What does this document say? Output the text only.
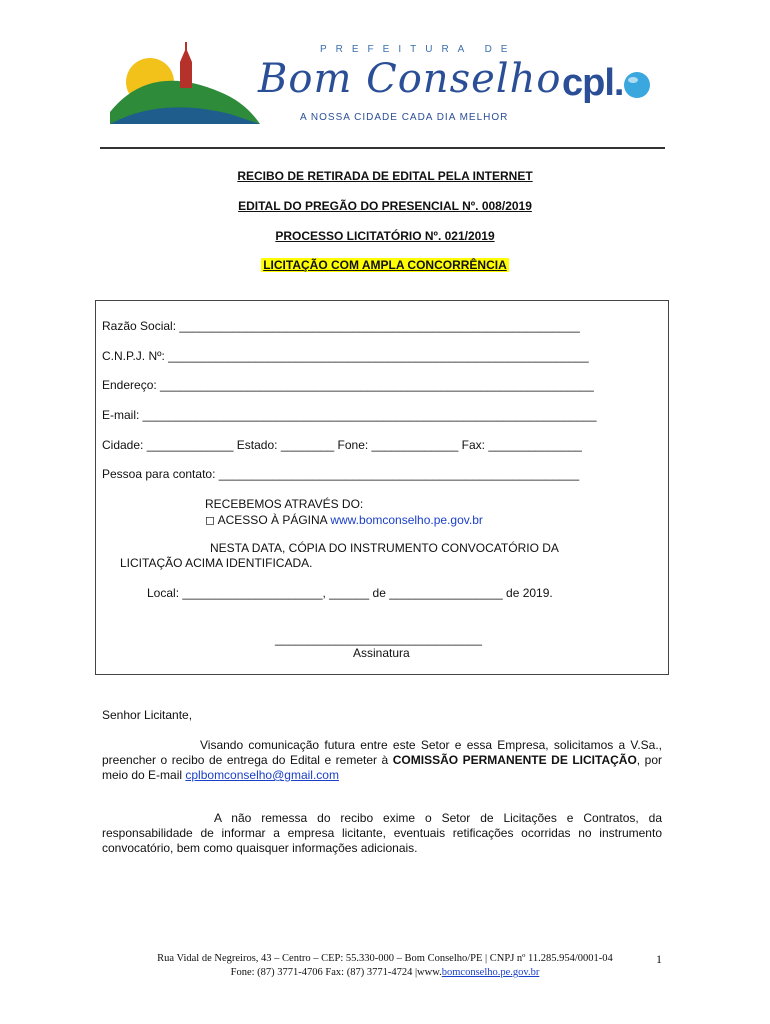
PREFEITURA DE
Bom Conselho
A NOSSA CIDADE CADA DIA MELHOR
cpl.
RECIBO DE RETIRADA DE EDITAL PELA INTERNET
EDITAL DO PREGÃO DO PRESENCIAL Nº. 008/2019
PROCESSO LICITATÓRIO Nº. 021/2019
LICITAÇÃO COM AMPLA CONCORRÊNCIA
Razão Social: ____________________________________________________________
C.N.P.J. Nº: _______________________________________________________________
Endereço: _________________________________________________________________
E-mail: ____________________________________________________________________
Cidade: _____________ Estado: ________ Fone: _____________ Fax: ______________
Pessoa para contato: ______________________________________________________
RECEBEMOS ATRAVÉS DO:
◻ ACESSO À PÁGINA www.bomconselho.pe.gov.br
NESTA DATA, CÓPIA DO INSTRUMENTO CONVOCATÓRIO DA
LICITAÇÃO ACIMA IDENTIFICADA.
Local: _____________________, ______ de _________________ de 2019.
_______________________________
Assinatura
Senhor Licitante,
Visando comunicação futura entre este Setor e essa Empresa, solicitamos a V.Sa., preencher o recibo de entrega do Edital e remeter à COMISSÃO PERMANENTE DE LICITAÇÃO, por meio do E-mail cplbomconselho@gmail.com
A não remessa do recibo exime o Setor de Licitações e Contratos, da responsabilidade de informar a empresa licitante, eventuais retificações ocorridas no instrumento convocatório, bem como quaisquer informações adicionais.
Rua Vidal de Negreiros, 43 – Centro – CEP: 55.330-000 – Bom Conselho/PE | CNPJ nº 11.285.954/0001-04
Fone: (87) 3771-4706 Fax: (87) 3771-4724 |www.bomconselho.pe.gov.br
1
